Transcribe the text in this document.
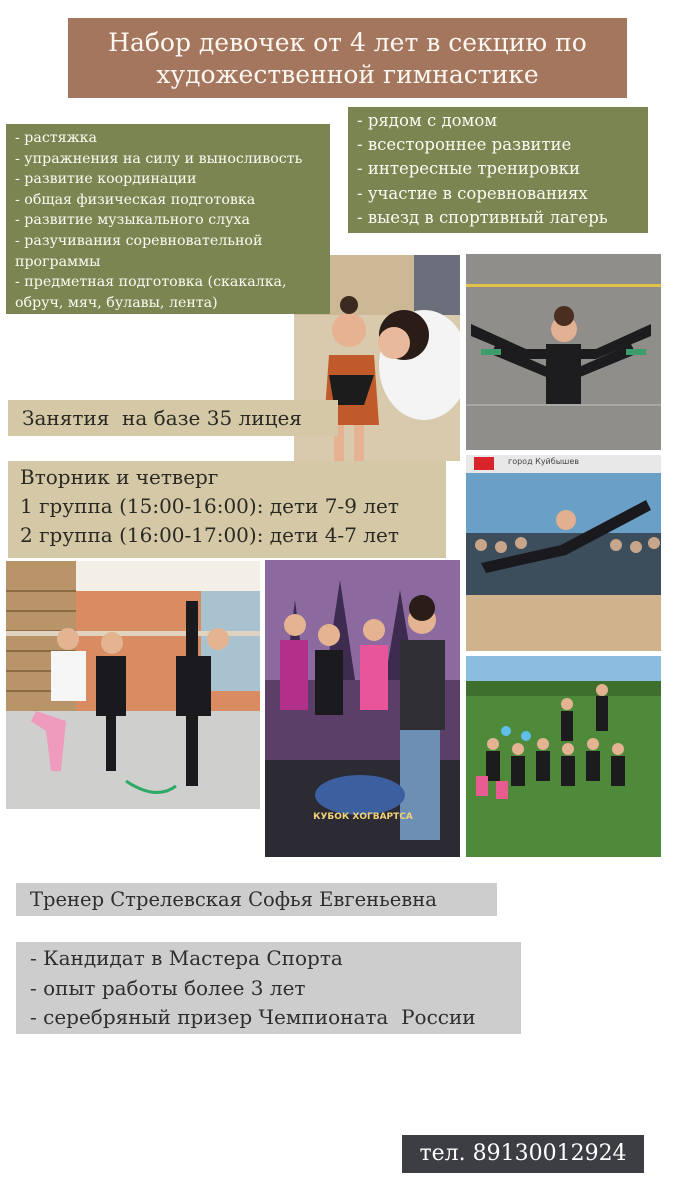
город Куйбышев
КУБОК ХОГВАРТСА
Набор девочек от 4 лет в секцию по
художественной гимнастике
- растяжка
- упражнения на силу и выносливость
- развитие координации
- общая физическая подготовка
- развитие музыкального слуха
- разучивания соревновательной программы
- предметная подготовка (скакалка, обруч, мяч, булавы, лента)
- рядом с домом
- всестороннее развитие
- интересные тренировки
- участие в соревнованиях
- выезд в спортивный лагерь
Занятия  на базе 35 лицея
Вторник и четверг
1 группа (15:00-16:00): дети 7-9 лет
2 группа (16:00-17:00): дети 4-7 лет
Тренер Стрелевская Софья Евгеньевна
- Кандидат в Мастера Спорта
- опыт работы более 3 лет
- серебряный призер Чемпионата  России
тел. 89130012924
